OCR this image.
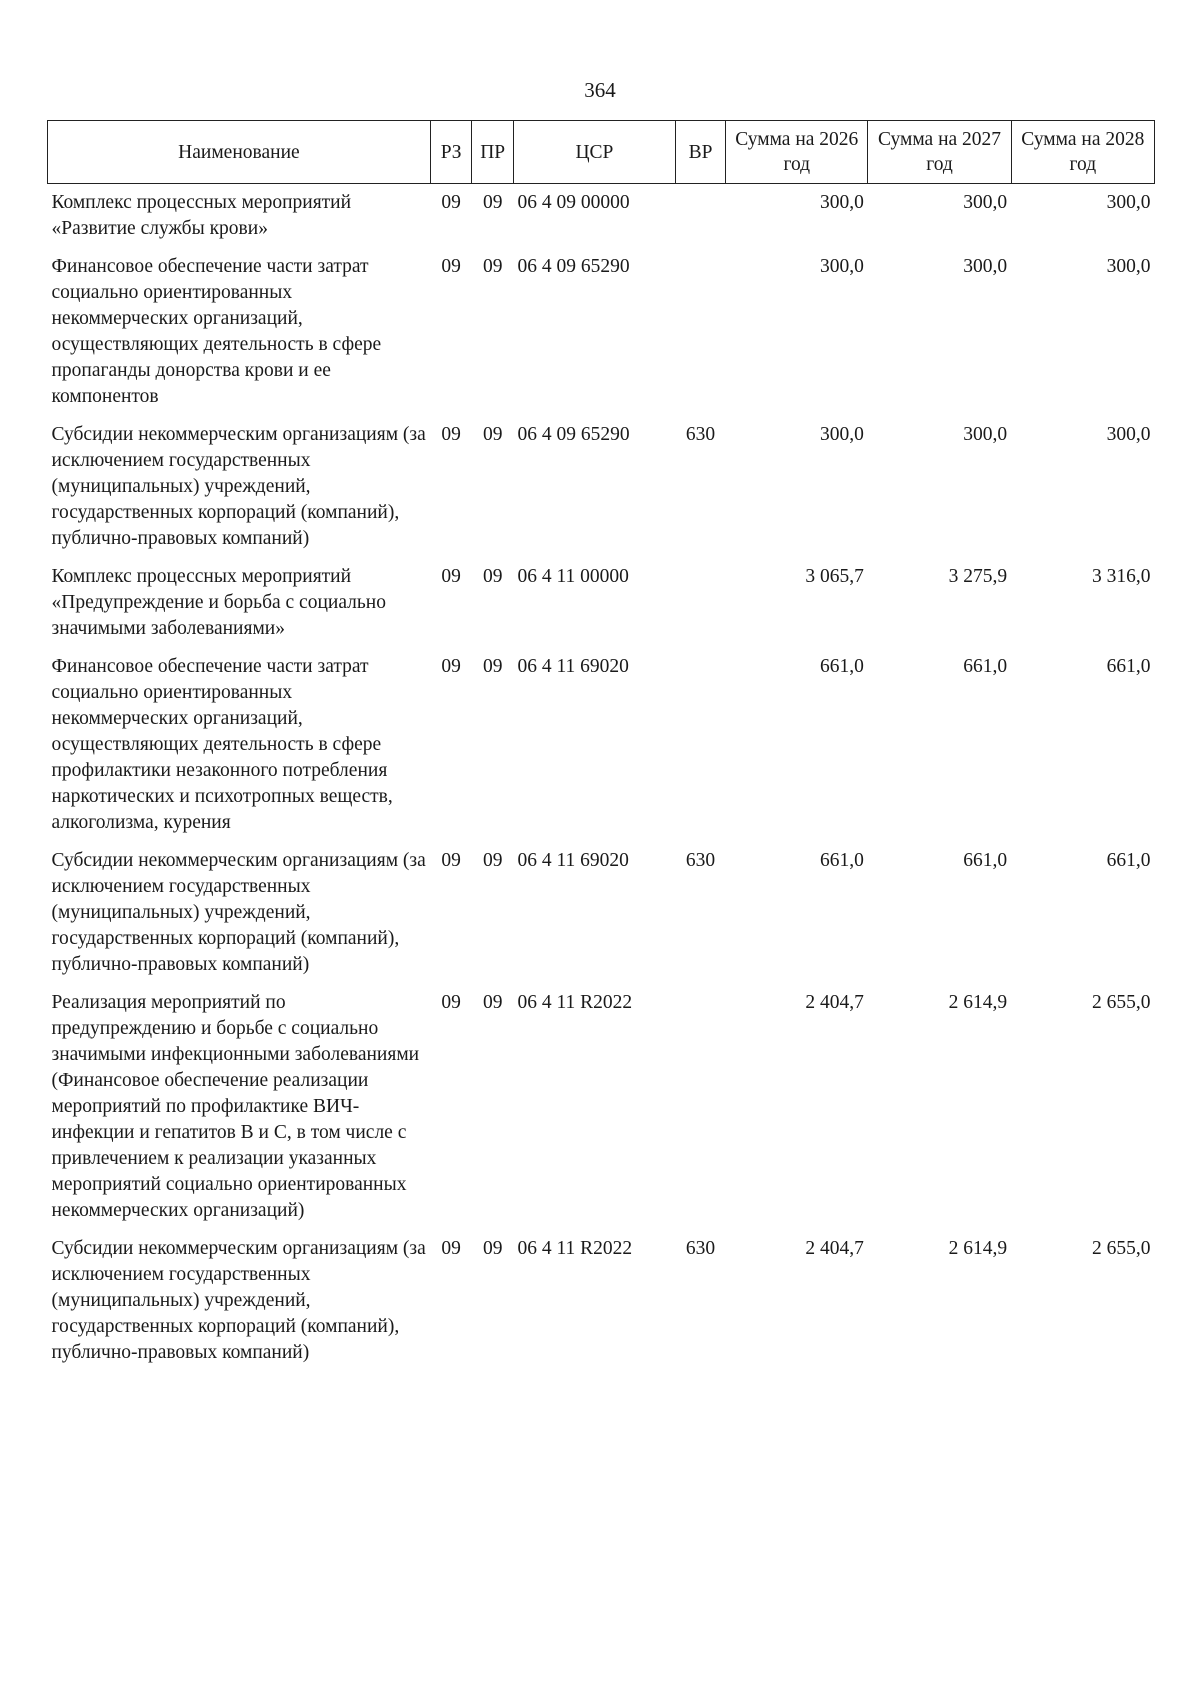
364
Наименование	РЗ	ПР	ЦСР	ВР	Сумма на 2026 год	Сумма на 2027 год	Сумма на 2028 год
Комплекс процессных мероприятий «Развитие службы крови»	09	09	06 4 09 00000		300,0	300,0	300,0
Финансовое обеспечение части затрат социально ориентированных некоммерческих организаций, осуществляющих деятельность в сфере пропаганды донорства крови и ее компонентов	09	09	06 4 09 65290		300,0	300,0	300,0
Субсидии некоммерческим организациям (за исключением государственных (муниципальных) учреждений, государственных корпораций (компаний), публично-правовых компаний)	09	09	06 4 09 65290	630	300,0	300,0	300,0
Комплекс процессных мероприятий «Предупреждение и борьба с социально значимыми заболеваниями»	09	09	06 4 11 00000		3 065,7	3 275,9	3 316,0
Финансовое обеспечение части затрат социально ориентированных некоммерческих организаций, осуществляющих деятельность в сфере профилактики незаконного потребления наркотических и психотропных веществ, алкоголизма, курения	09	09	06 4 11 69020		661,0	661,0	661,0
Субсидии некоммерческим организациям (за исключением государственных (муниципальных) учреждений, государственных корпораций (компаний), публично-правовых компаний)	09	09	06 4 11 69020	630	661,0	661,0	661,0
Реализация мероприятий по предупреждению и борьбе с социально значимыми инфекционными заболеваниями (Финансовое обеспечение реализации мероприятий по профилактике ВИЧ-инфекции и гепатитов B и C, в том числе с привлечением к реализации указанных мероприятий социально ориентированных некоммерческих организаций)	09	09	06 4 11 R2022		2 404,7	2 614,9	2 655,0
Субсидии некоммерческим организациям (за исключением государственных (муниципальных) учреждений, государственных корпораций (компаний), публично-правовых компаний)	09	09	06 4 11 R2022	630	2 404,7	2 614,9	2 655,0
